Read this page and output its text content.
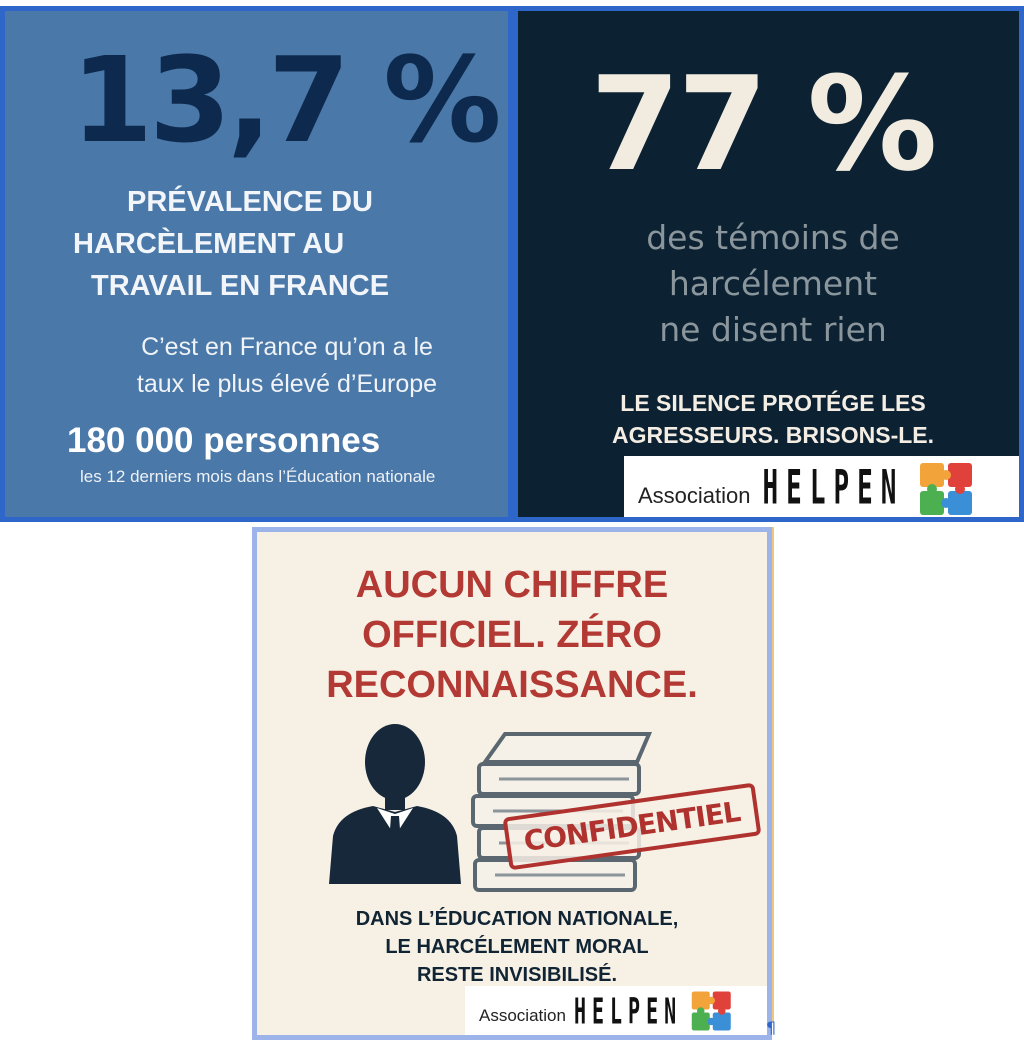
13,7 %
PRÉVALENCE DU
HARCÈLEMENT AU
TRAVAIL EN FRANCE
C’est en France qu’on a le
taux le plus élevé d’Europe
180 000 personnes
les 12 derniers mois dans l’Éducation nationale
77 %
des témoins de
harcélement
ne disent rien
LE SILENCE PROTÉGE LES
AGRESSEURS. BRISONS-LE.
Association HELPEN
AUCUN CHIFFRE
OFFICIEL. ZÉRO
RECONNAISSANCE.
CONFIDENTIEL
DANS L’ÉDUCATION NATIONALE,
LE HARCÉLEMENT MORAL
RESTE INVISIBILISÉ.
Association HELPEN	¶
